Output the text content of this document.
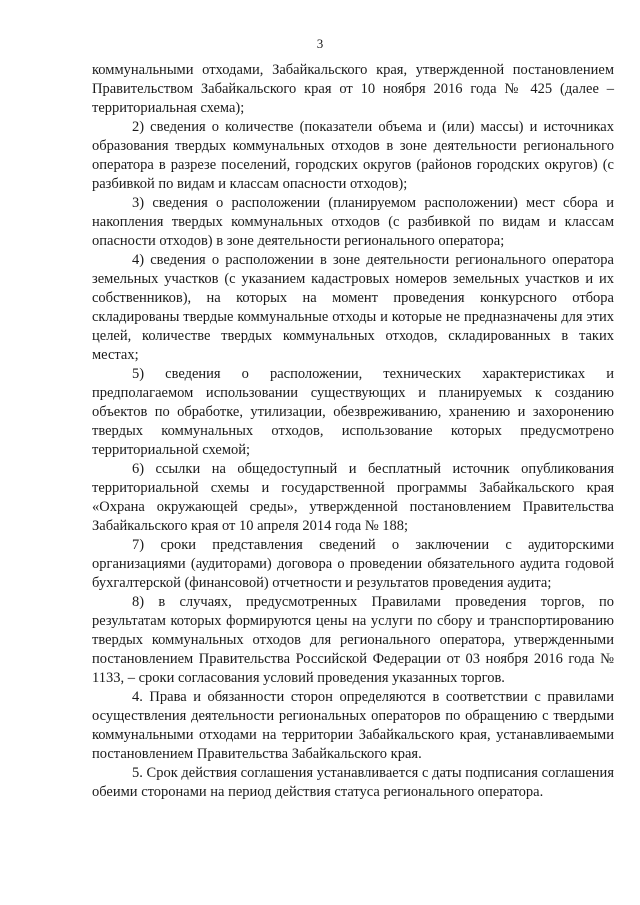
3

коммунальными отходами, Забайкальского края, утвержденной постановлением Правительством Забайкальского края от 10 ноября 2016 года № 425 (далее – территориальная схема);

2) сведения о количестве (показатели объема и (или) массы) и источниках образования твердых коммунальных отходов в зоне деятельности регионального оператора в разрезе поселений, городских округов (районов городских округов) (с разбивкой по видам и классам опасности отходов);

3) сведения о расположении (планируемом расположении) мест сбора и накопления твердых коммунальных отходов (с разбивкой по видам и классам опасности отходов) в зоне деятельности регионального оператора;

4) сведения о расположении в зоне деятельности регионального оператора земельных участков (с указанием кадастровых номеров земельных участков и их собственников), на которых на момент проведения конкурсного отбора складированы твердые коммунальные отходы и которые не предназначены для этих целей, количестве твердых коммунальных отходов, складированных в таких местах;

5) сведения о расположении, технических характеристиках и предполагаемом использовании существующих и планируемых к созданию объектов по обработке, утилизации, обезвреживанию, хранению и захоронению твердых коммунальных отходов, использование которых предусмотрено территориальной схемой;

6) ссылки на общедоступный и бесплатный источник опубликования территориальной схемы и государственной программы Забайкальского края «Охрана окружающей среды», утвержденной постановлением Правительства Забайкальского края от 10 апреля 2014 года № 188;

7) сроки представления сведений о заключении с аудиторскими организациями (аудиторами) договора о проведении обязательного аудита годовой бухгалтерской (финансовой) отчетности и результатов проведения аудита;

8) в случаях, предусмотренных Правилами проведения торгов, по результатам которых формируются цены на услуги по сбору и транспортированию твердых коммунальных отходов для регионального оператора, утвержденными постановлением Правительства Российской Федерации от 03 ноября 2016 года № 1133, – сроки согласования условий проведения указанных торгов.

4. Права и обязанности сторон определяются в соответствии с правилами осуществления деятельности региональных операторов по обращению с твердыми коммунальными отходами на территории Забайкальского края, устанавливаемыми постановлением Правительства Забайкальского края.

5. Срок действия соглашения устанавливается с даты подписания соглашения обеими сторонами на период действия статуса регионального оператора.
